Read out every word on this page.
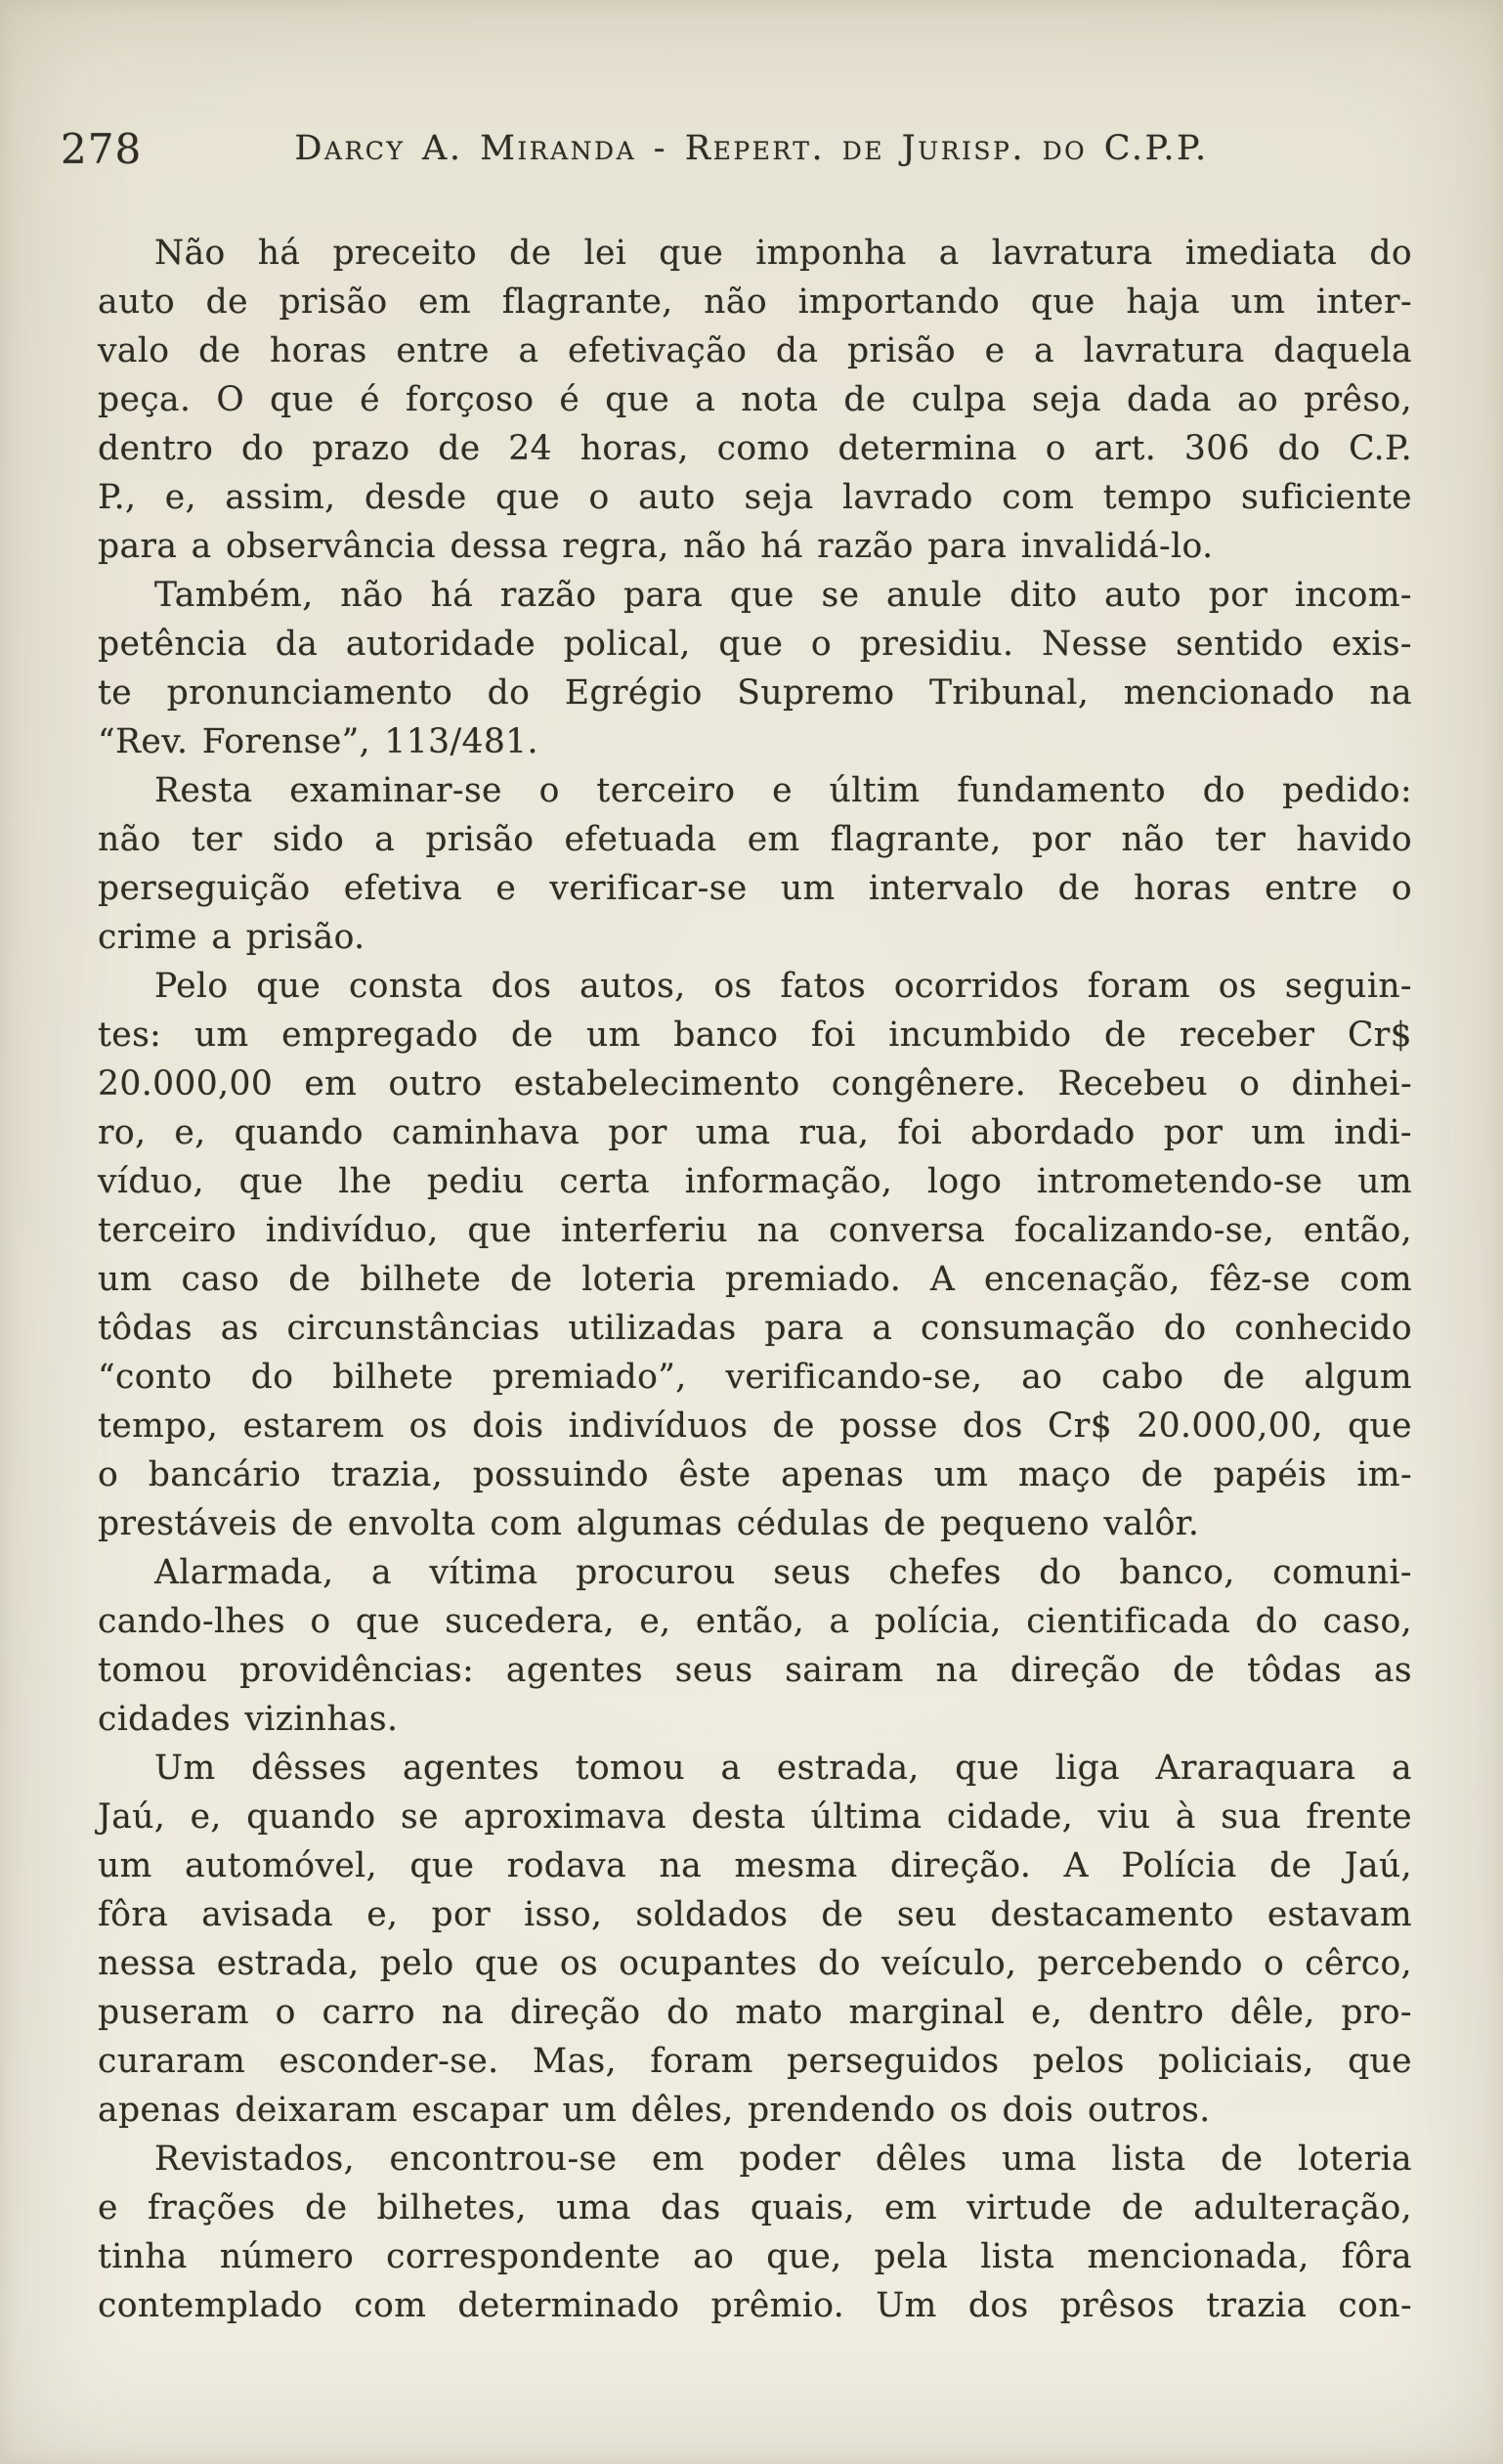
278	Darcy A. Miranda - Repert. de Jurisp. do C.P.P.
Não há preceito de lei que imponha a lavratura imediata do
auto de prisão em flagrante, não importando que haja um inter-
valo de horas entre a efetivação da prisão e a lavratura daquela
peça. O que é forçoso é que a nota de culpa seja dada ao prêso,
dentro do prazo de 24 horas, como determina o art. 306 do C.P.
P., e, assim, desde que o auto seja lavrado com tempo suficiente
para a observância dessa regra, não há razão para invalidá-lo.
Também, não há razão para que se anule dito auto por incom-
petência da autoridade polical, que o presidiu. Nesse sentido exis-
te pronunciamento do Egrégio Supremo Tribunal, mencionado na
“Rev. Forense”, 113/481.
Resta examinar-se o terceiro e últim fundamento do pedido:
não ter sido a prisão efetuada em flagrante, por não ter havido
perseguição efetiva e verificar-se um intervalo de horas entre o
crime a prisão.
Pelo que consta dos autos, os fatos ocorridos foram os seguin-
tes: um empregado de um banco foi incumbido de receber Cr$
20.000,00 em outro estabelecimento congênere. Recebeu o dinhei-
ro, e, quando caminhava por uma rua, foi abordado por um indi-
víduo, que lhe pediu certa informação, logo intrometendo-se um
terceiro indivíduo, que interferiu na conversa focalizando-se, então,
um caso de bilhete de loteria premiado. A encenação, fêz-se com
tôdas as circunstâncias utilizadas para a consumação do conhecido
“conto do bilhete premiado”, verificando-se, ao cabo de algum
tempo, estarem os dois indivíduos de posse dos Cr$ 20.000,00, que
o bancário trazia, possuindo êste apenas um maço de papéis im-
prestáveis de envolta com algumas cédulas de pequeno valôr.
Alarmada, a vítima procurou seus chefes do banco, comuni-
cando-lhes o que sucedera, e, então, a polícia, cientificada do caso,
tomou providências: agentes seus sairam na direção de tôdas as
cidades vizinhas.
Um dêsses agentes tomou a estrada, que liga Araraquara a
Jaú, e, quando se aproximava desta última cidade, viu à sua frente
um automóvel, que rodava na mesma direção. A Polícia de Jaú,
fôra avisada e, por isso, soldados de seu destacamento estavam
nessa estrada, pelo que os ocupantes do veículo, percebendo o cêrco,
puseram o carro na direção do mato marginal e, dentro dêle, pro-
curaram esconder-se. Mas, foram perseguidos pelos policiais, que
apenas deixaram escapar um dêles, prendendo os dois outros.
Revistados, encontrou-se em poder dêles uma lista de loteria
e frações de bilhetes, uma das quais, em virtude de adulteração,
tinha número correspondente ao que, pela lista mencionada, fôra
contemplado com determinado prêmio. Um dos prêsos trazia con-
